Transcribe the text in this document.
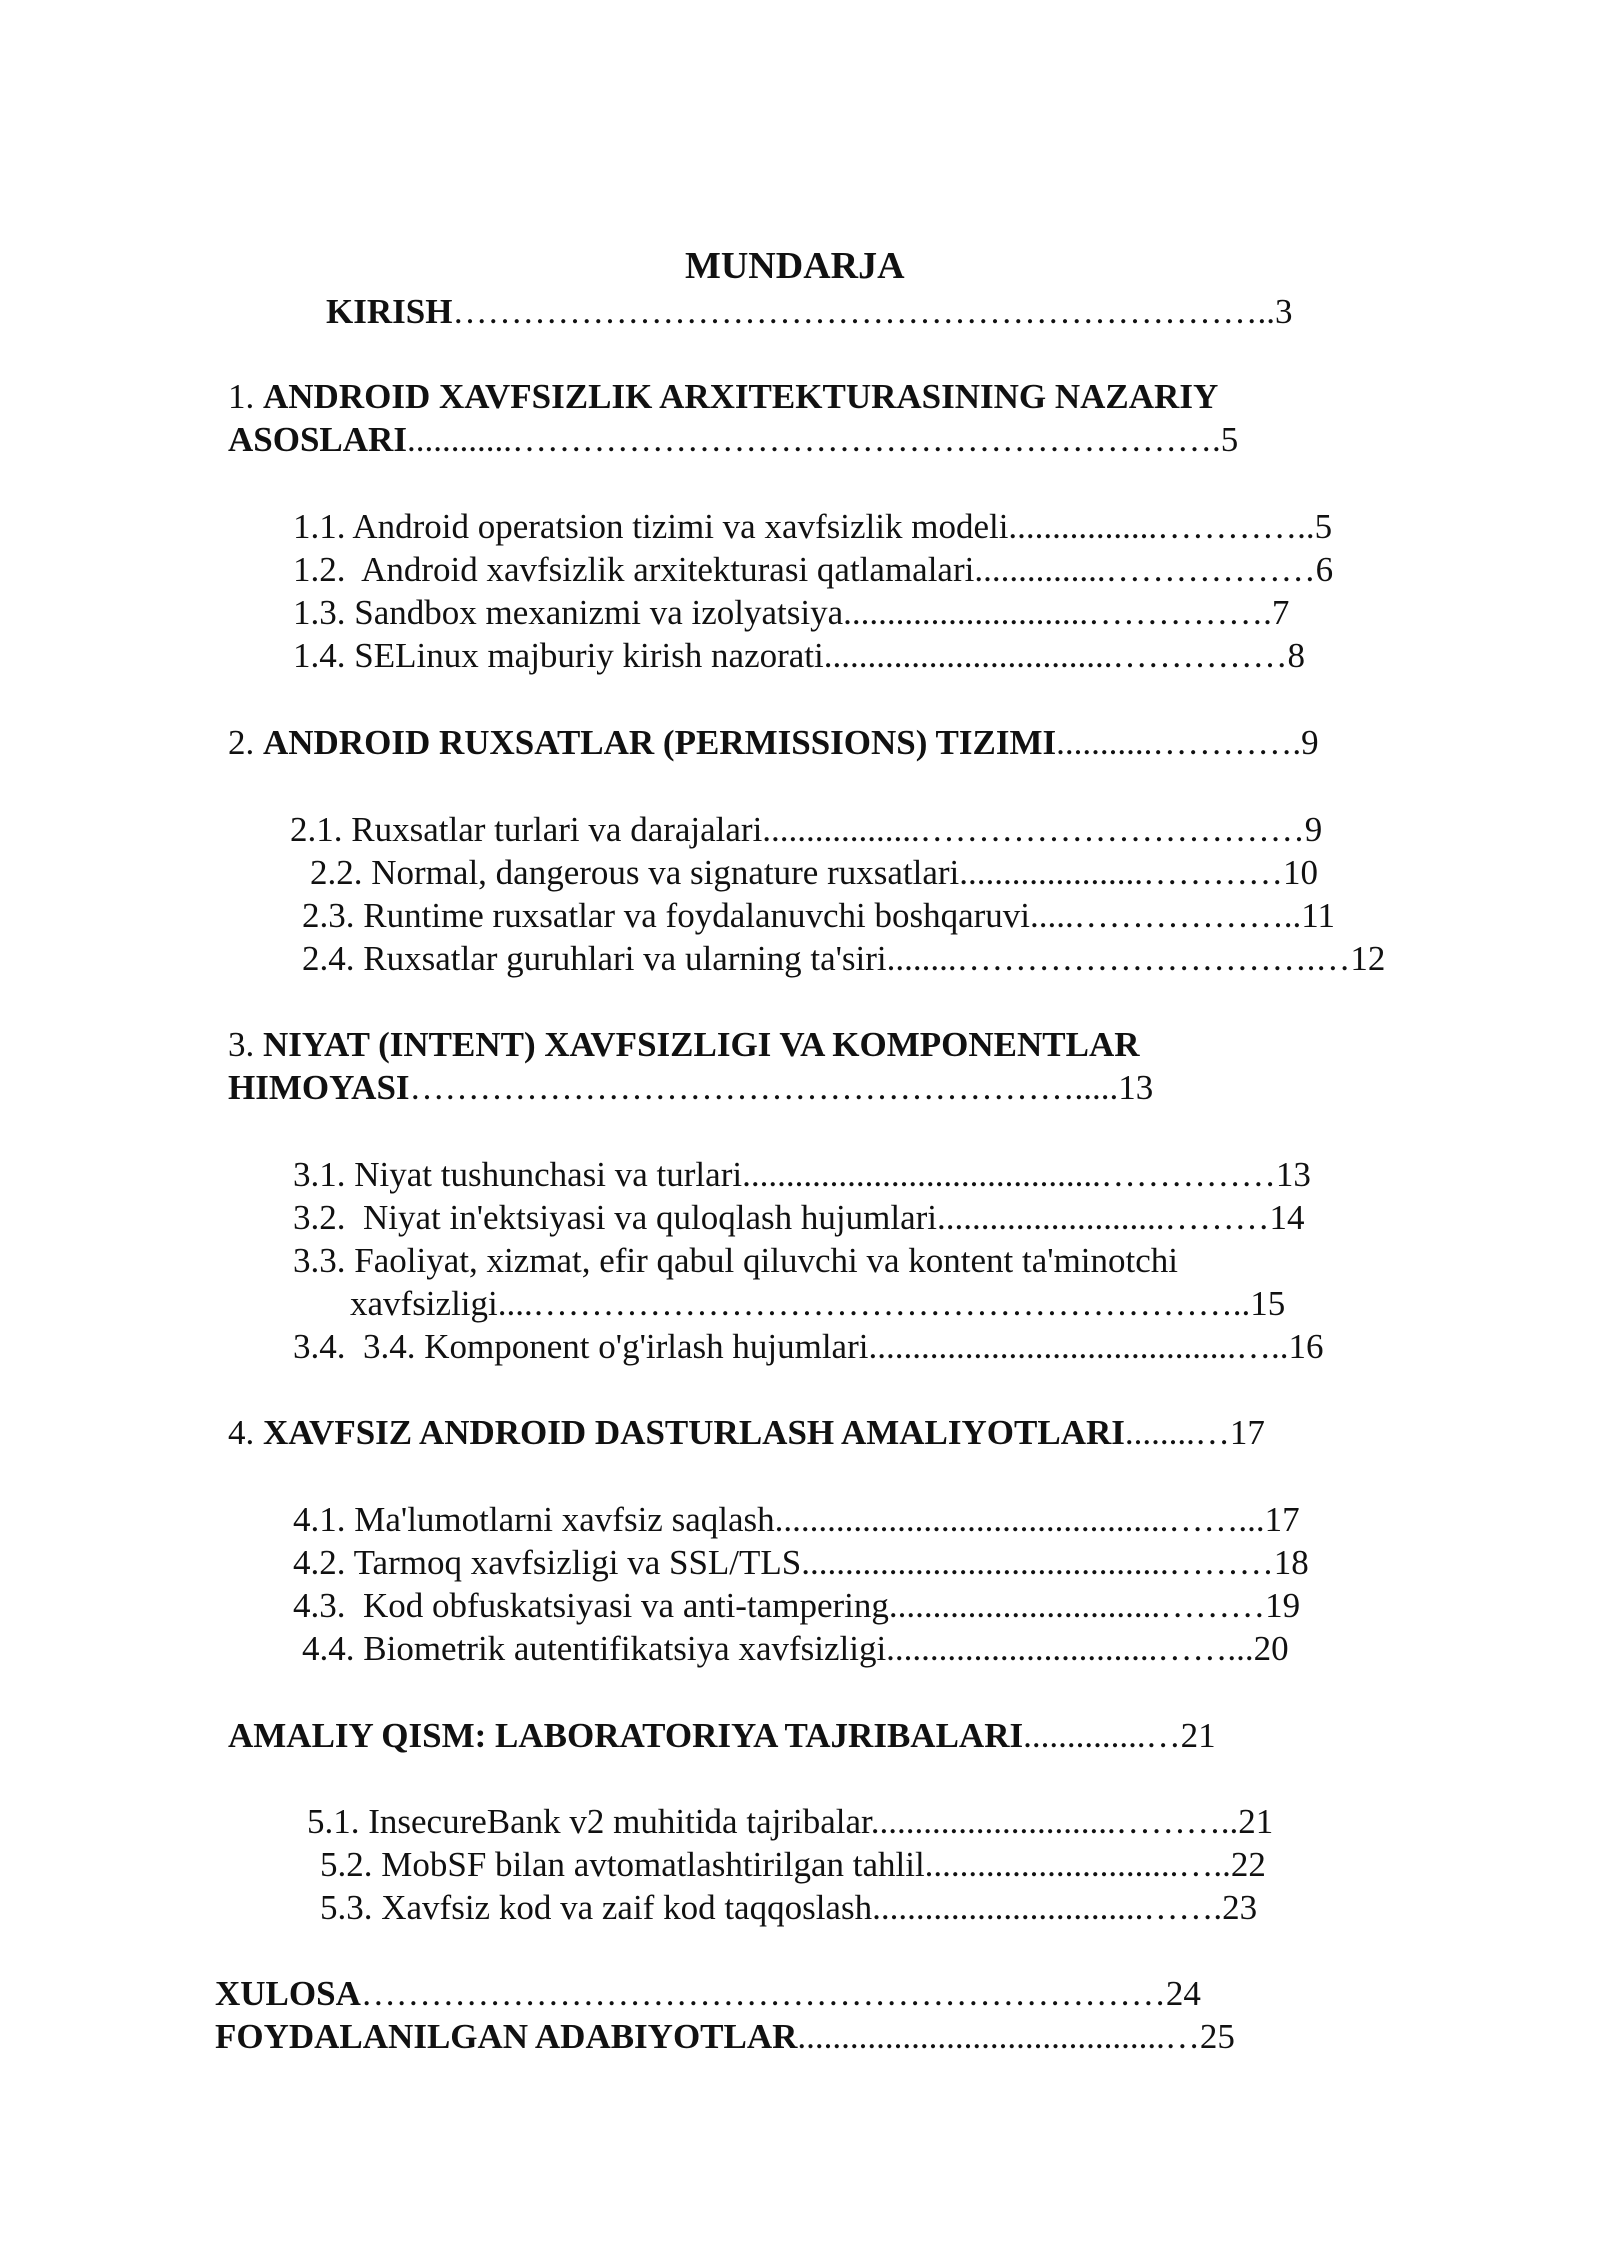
MUNDARJA
KIRISH……………………………………………………………..3
1. ANDROID XAVFSIZLIK ARXITEKTURASINING NAZARIY
ASOSLARI............…………………………………………………….5
1.1. Android operatsion tizimi va xavfsizlik modeli.................…………..5
1.2.  Android xavfsizlik arxitekturasi qatlamalari...............………………6
1.3. Sandbox mexanizmi va izolyatsiya............................…………….7
1.4. SELinux majburiy kirish nazorati.................................……………8
2. ANDROID RUXSATLAR (PERMISSIONS) TIZIMI...........………….9
2.1. Ruxsatlar turlari va darajalari..................……………………………9
2.2. Normal, dangerous va signature ruxsatlari.....................…………10
2.3. Runtime ruxsatlar va foydalanuvchi boshqaruvi.....………………..11
2.4. Ruxsatlar guruhlari va ularning ta'siri........………………………….…12
3. NIYAT (INTENT) XAVFSIZLIGI VA KOMPONENTLAR
HIMOYASI………………………………………………….....13
3.1. Niyat tushunchasi va turlari.........................................……………13
3.2.  Niyat in'ektsiyasi va quloqlash hujumlari..........................………14
3.3. Faoliyat, xizmat, efir qabul qiluvchi va kontent ta'minotchi
xavfsizligi....……………………………………………………..15
3.4.  3.4. Komponent o'g'irlash hujumlari..........................................…..16
4. XAVFSIZ ANDROID DASTURLASH AMALIYOTLARI........…17
4.1. Ma'lumotlarni xavfsiz saqlash.............................................……...17
4.2. Tarmoq xavfsizligi va SSL/TLS..........................................………18
4.3.  Kod obfuskatsiyasi va anti-tampering...............................………19
4.4. Biometrik autentifikatsiya xavfsizligi...............................……...20
AMALIY QISM: LABORATORIYA TAJRIBALARI..............…21
5.1. InsecureBank v2 muhitida tajribalar............................………..21
5.2. MobSF bilan avtomatlashtirilgan tahlil.............................…..22
5.3. Xavfsiz kod va zaif kod taqqoslash...............................…….23
XULOSA……………………………………………………………24
FOYDALANILGAN ADABIYOTLAR..........................................…25
